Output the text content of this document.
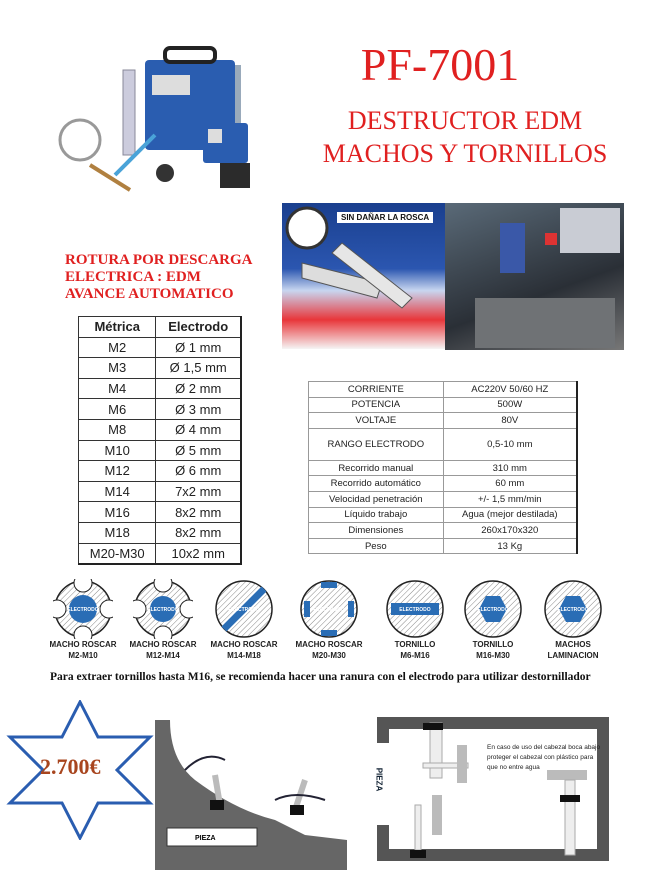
PF-7001
DESTRUCTOR EDM
MACHOS Y TORNILLOS
SIN DAÑAR LA ROSCA
ROTURA POR DESCARGA
ELECTRICA : EDM
AVANCE AUTOMATICO
Métrica	Electrodo
M2	Ø 1 mm
M3	Ø 1,5 mm
M4	Ø 2 mm
M6	Ø 3 mm
M8	Ø 4 mm
M10	Ø 5 mm
M12	Ø 6 mm
M14	7x2 mm
M16	8x2 mm
M18	8x2 mm
M20-M30	10x2 mm
CORRIENTE	AC220V 50/60 HZ
POTENCIA	500W
VOLTAJE	80V
RANGO ELECTRODO	0,5-10 mm
Recorrido manual	310 mm
Recorrido automático	60 mm
Velocidad penetración	+/- 1,5 mm/min
Líquido trabajo	Agua (mejor destilada)
Dimensiones	260x170x320
Peso	13 Kg
ELECTRODO
MACHO ROSCAR
M2-M10
ELECTRODO
MACHO ROSCAR
M12-M14
ELECTRODO
MACHO ROSCAR
M14-M18
ELECTRODO
MACHO ROSCAR
M20-M30
ELECTRODO
TORNILLO
M6-M16
ELECTRODO
TORNILLO
M16-M30
ELECTRODO
MACHOS
LAMINACION
Para extraer tornillos hasta M16, se recomienda hacer una ranura con el electrodo para utilizar destornillador
2.700€
PIEZA
PIEZA
En caso de uso del cabezal boca abajo
proteger el cabezal con plástico para
que no entre agua
